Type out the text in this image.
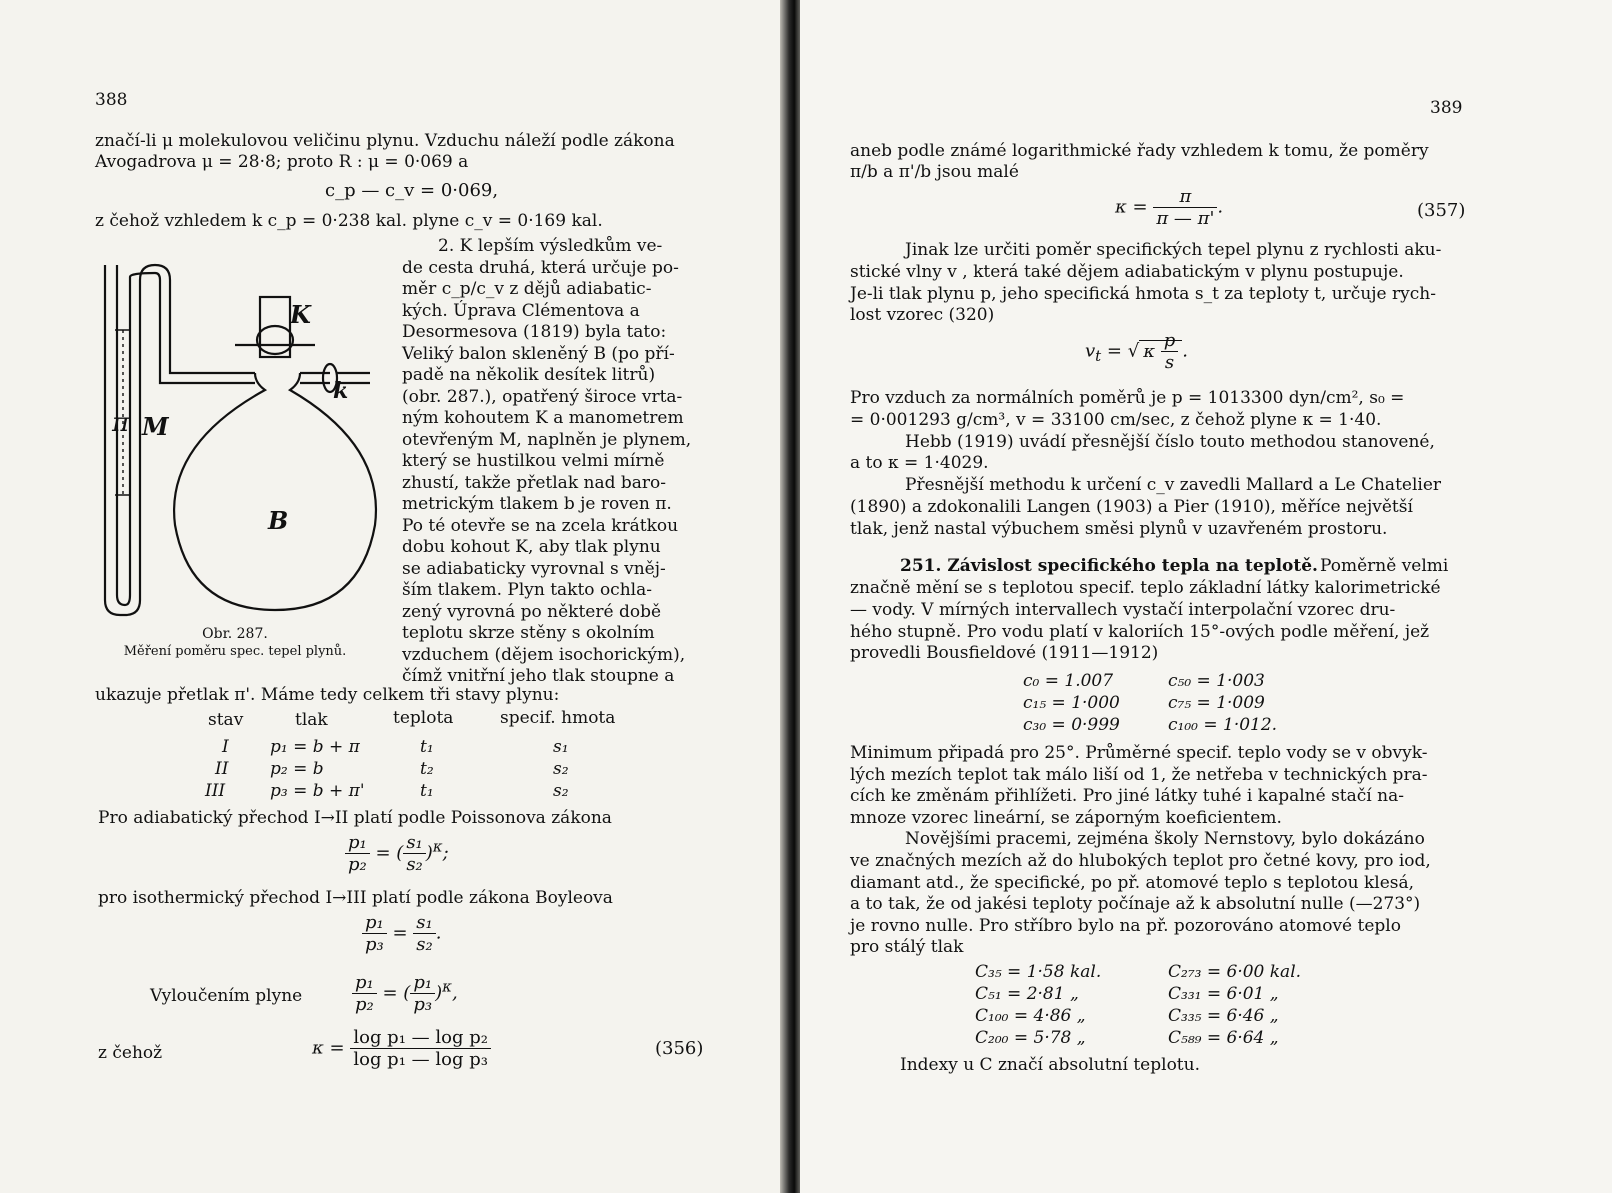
388
značí-li μ molekulovou veličinu plynu. Vzduchu náleží podle zákona
Avogadrova μ = 28·8; proto R : μ = 0·069 a
c_p — c_v = 0·069,
z čehož vzhledem k c_p = 0·238 kal. plyne c_v = 0·169 kal.
2. K lepším výsledkům ve-
de cesta druhá, která určuje po-
měr c_p/c_v z dějů adiabatic-
kých. Úprava Clémentova a
Desormesova (1819) byla tato:
Veliký balon skleněný B (po pří-
padě na několik desítek litrů)
(obr. 287.), opatřený široce vrta-
ným kohoutem K a manometrem
otevřeným M, naplněn je plynem,
který se hustilkou velmi mírně
zhustí, takže přetlak nad baro-
metrickým tlakem b je roven π.
Po té otevře se na zcela krátkou
dobu kohout K, aby tlak plynu
se adiabaticky vyrovnal s vněj-
ším tlakem. Plyn takto ochla-
zený vyrovná po některé době
teplotu skrze stěny s okolním
vzduchem (dějem isochorickým),
čímž vnitřní jeho tlak stoupne a
K
k
M
π
B
Obr. 287.
Měření poměru spec. tepel plynů.
ukazuje přetlak π'. Máme tedy celkem tři stavy plynu:
stav	tlak	teplota	specif. hmota
I p₁ = b + π	t₁	s₁
II p₂ = b	t₂	s₂
III	p₃ = b + π'	t₁	s₂
Pro adiabatický přechod I→II platí podle Poissonova zákona
$\frac{\text{p₁}}{\text{p₂}}$ = ( $\frac{\text{s₁}}{\text{s₂}} )^\kappa$;
pro isothermický přechod I→III platí podle zákona Boyleova
$\frac{\text{p₁}}{\text{p₃}} = \frac{\text{s₁}}{\text{s₂}}$ .
Vyloučením plyne	$\frac{\text{p₁}}{\text{p₂}}$ = ( $\frac{\text{p₁}}{\text{p₃}} )^\kappa$,
z čehož	$\kappa = \frac{\text{log p₁ — log p₂}}{\text{log p₁ — log p₃}}$	(356)
389
aneb podle známé logarithmické řady vzhledem k tomu, že poměry
π/b a π'/b jsou malé
$\kappa = \frac{\pi}{\pi — \pi'}$ .	(357)
Jinak lze určiti poměr specifických tepel plynu z rychlosti aku-
stické vlny v , která také dějem adiabatickým v plynu postupuje.
Je-li tlak plynu p, jeho specifická hmota s_t za teploty t, určuje rych-
lost vzorec (320)
$v_t$ = √ κ $\frac{p}{s}$ .
Pro vzduch za normálních poměrů je p = 1013300 dyn/cm², s₀ =
= 0·001293 g/cm³, v = 33100 cm/sec, z čehož plyne κ = 1·40.
Hebb (1919) uvádí přesnější číslo touto methodou stanovené,
a to κ = 1·4029.
Přesnější methodu k určení c_v zavedli Mallard a Le Chatelier
(1890) a zdokonalili Langen (1903) a Pier (1910), měříce největší
tlak, jenž nastal výbuchem směsi plynů v uzavřeném prostoru.
251. Závislost specifického tepla na teplotě. Poměrně velmi
značně mění se s teplotou specif. teplo základní látky kalorimetrické
— vody. V mírných intervallech vystačí interpolační vzorec dru-
hého stupně. Pro vodu platí v kaloriích 15°-ových podle měření, jež
provedli Bousfieldové (1911—1912)
c₀ = 1.007	c₅₀ = 1·003
c₁₅ = 1·000	c₇₅ = 1·009
c₃₀ = 0·999	c₁₀₀ = 1·012.
Minimum připadá pro 25°. Průměrné specif. teplo vody se v obvyk-
lých mezích teplot tak málo liší od 1, že netřeba v technických pra-
cích ke změnám přihlížeti. Pro jiné látky tuhé i kapalné stačí na-
mnoze vzorec lineární, se záporným koeficientem.
Novějšími pracemi, zejména školy Nernstovy, bylo dokázáno
ve značných mezích až do hlubokých teplot pro četné kovy, pro iod,
diamant atd., že specifické, po př. atomové teplo s teplotou klesá,
a to tak, že od jakési teploty počínaje až k absolutní nulle (—273°)
je rovno nulle. Pro stříbro bylo na př. pozorováno atomové teplo
pro stálý tlak
C₃₅ = 1·58 kal.	C₂₇₃ = 6·00 kal.
C₅₁ = 2·81 „	C₃₃₁ = 6·01 „
C₁₀₀ = 4·86 „	C₃₃₅ = 6·46 „
C₂₀₀ = 5·78 „	C₅₈₉ = 6·64 „
Indexy u C značí absolutní teplotu.
